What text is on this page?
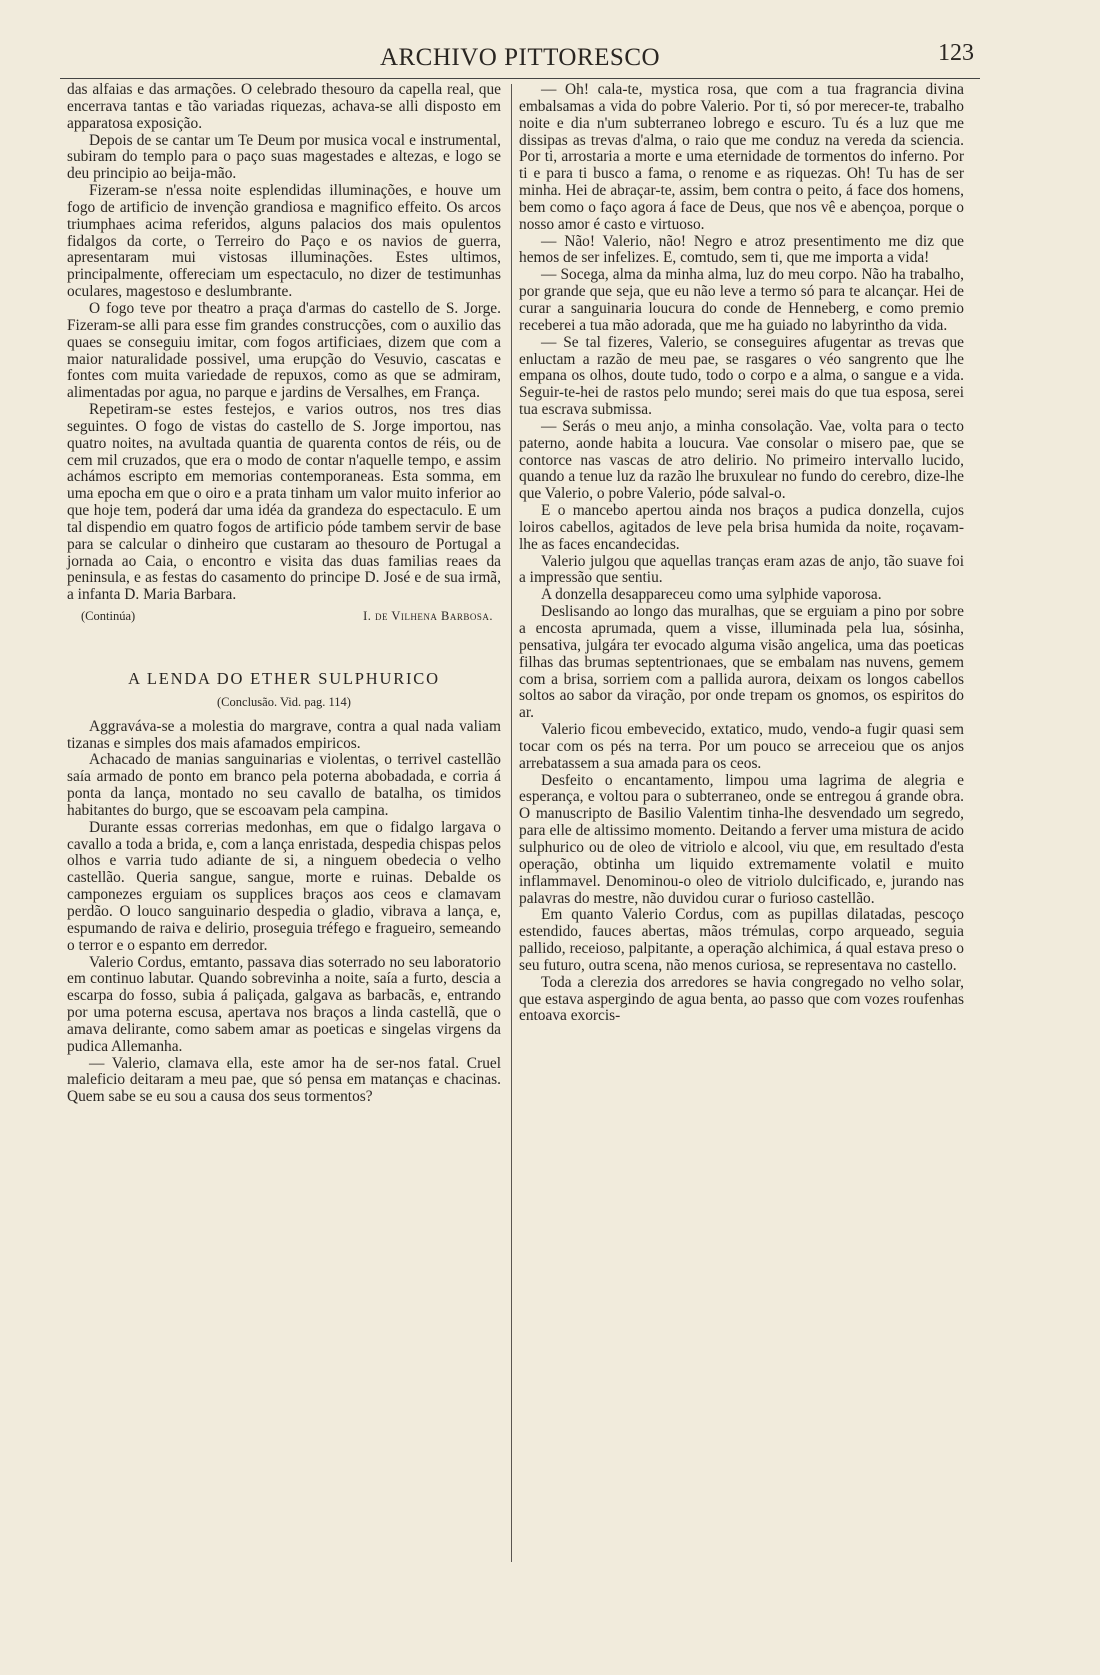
ARCHIVO PITTORESCO	123

das alfaias e das armações. O celebrado thesouro da capella real, que encerrava tantas e tão variadas riquezas, achava-se alli disposto em apparatosa exposição.

Depois de se cantar um Te Deum por musica vocal e instrumental, subiram do templo para o paço suas magestades e altezas, e logo se deu principio ao beija-mão.

Fizeram-se n'essa noite esplendidas illuminações, e houve um fogo de artificio de invenção grandiosa e magnifico effeito. Os arcos triumphaes acima referidos, alguns palacios dos mais opulentos fidalgos da corte, o Terreiro do Paço e os navios de guerra, apresentaram mui vistosas illuminações. Estes ultimos, principalmente, offereciam um espectaculo, no dizer de testimunhas oculares, magestoso e deslumbrante.

O fogo teve por theatro a praça d'armas do castello de S. Jorge. Fizeram-se alli para esse fim grandes construcções, com o auxilio das quaes se conseguiu imitar, com fogos artificiaes, dizem que com a maior naturalidade possivel, uma erupção do Vesuvio, cascatas e fontes com muita variedade de repuxos, como as que se admiram, alimentadas por agua, no parque e jardins de Versalhes, em França.

Repetiram-se estes festejos, e varios outros, nos tres dias seguintes. O fogo de vistas do castello de S. Jorge importou, nas quatro noites, na avultada quantia de quarenta contos de réis, ou de cem mil cruzados, que era o modo de contar n'aquelle tempo, e assim achámos escripto em memorias contemporaneas. Esta somma, em uma epocha em que o oiro e a prata tinham um valor muito inferior ao que hoje tem, poderá dar uma idéa da grandeza do espectaculo. E um tal dispendio em quatro fogos de artificio póde tambem servir de base para se calcular o dinheiro que custaram ao thesouro de Portugal a jornada ao Caia, o encontro e visita das duas familias reaes da peninsula, e as festas do casamento do principe D. José e de sua irmã, a infanta D. Maria Barbara.

(Continúa)	I. de Vilhena Barbosa.
A LENDA DO ETHER SULPHURICO
(Conclusão. Vid. pag. 114)

Aggraváva-se a molestia do margrave, contra a qual nada valiam tizanas e simples dos mais afamados empiricos.

Achacado de manias sanguinarias e violentas, o terrivel castellão saía armado de ponto em branco pela poterna abobadada, e corria á ponta da lança, montado no seu cavallo de batalha, os timidos habitantes do burgo, que se escoavam pela campina.

Durante essas correrias medonhas, em que o fidalgo largava o cavallo a toda a brida, e, com a lança enristada, despedia chispas pelos olhos e varria tudo adiante de si, a ninguem obedecia o velho castellão. Queria sangue, sangue, morte e ruinas. Debalde os camponezes erguiam os supplices braços aos ceos e clamavam perdão. O louco sanguinario despedia o gladio, vibrava a lança, e, espumando de raiva e delirio, proseguia tréfego e fragueiro, semeando o terror e o espanto em derredor.

Valerio Cordus, emtanto, passava dias soterrado no seu laboratorio em continuo labutar. Quando sobrevinha a noite, saía a furto, descia a escarpa do fosso, subia á paliçada, galgava as barbacãs, e, entrando por uma poterna escusa, apertava nos braços a linda castellã, que o amava delirante, como sabem amar as poeticas e singelas virgens da pudica Allemanha.

— Valerio, clamava ella, este amor ha de ser-nos fatal. Cruel maleficio deitaram a meu pae, que só pensa em matanças e chacinas. Quem sabe se eu sou a causa dos seus tormentos?

— Oh! cala-te, mystica rosa, que com a tua fragrancia divina embalsamas a vida do pobre Valerio. Por ti, só por merecer-te, trabalho noite e dia n'um subterraneo lobrego e escuro. Tu és a luz que me dissipas as trevas d'alma, o raio que me conduz na vereda da sciencia. Por ti, arrostaria a morte e uma eternidade de tormentos do inferno. Por ti e para ti busco a fama, o renome e as riquezas. Oh! Tu has de ser minha. Hei de abraçar-te, assim, bem contra o peito, á face dos homens, bem como o faço agora á face de Deus, que nos vê e abençoa, porque o nosso amor é casto e virtuoso.

— Não! Valerio, não! Negro e atroz presentimento me diz que hemos de ser infelizes. E, comtudo, sem ti, que me importa a vida!

— Socega, alma da minha alma, luz do meu corpo. Não ha trabalho, por grande que seja, que eu não leve a termo só para te alcançar. Hei de curar a sanguinaria loucura do conde de Henneberg, e como premio receberei a tua mão adorada, que me ha guiado no labyrintho da vida.

— Se tal fizeres, Valerio, se conseguires afugentar as trevas que enluctam a razão de meu pae, se rasgares o véo sangrento que lhe empana os olhos, doute tudo, todo o corpo e a alma, o sangue e a vida. Seguir-te-hei de rastos pelo mundo; serei mais do que tua esposa, serei tua escrava submissa.

— Serás o meu anjo, a minha consolação. Vae, volta para o tecto paterno, aonde habita a loucura. Vae consolar o misero pae, que se contorce nas vascas de atro delirio. No primeiro intervallo lucido, quando a tenue luz da razão lhe bruxulear no fundo do cerebro, dize-lhe que Valerio, o pobre Valerio, póde salval-o.

E o mancebo apertou ainda nos braços a pudica donzella, cujos loiros cabellos, agitados de leve pela brisa humida da noite, roçavam-lhe as faces encandecidas.

Valerio julgou que aquellas tranças eram azas de anjo, tão suave foi a impressão que sentiu.

A donzella desappareceu como uma sylphide vaporosa.

Deslisando ao longo das muralhas, que se erguiam a pino por sobre a encosta aprumada, quem a visse, illuminada pela lua, sósinha, pensativa, julgára ter evocado alguma visão angelica, uma das poeticas filhas das brumas septentrionaes, que se embalam nas nuvens, gemem com a brisa, sorriem com a pallida aurora, deixam os longos cabellos soltos ao sabor da viração, por onde trepam os gnomos, os espiritos do ar.

Valerio ficou embevecido, extatico, mudo, vendo-a fugir quasi sem tocar com os pés na terra. Por um pouco se arreceiou que os anjos arrebatassem a sua amada para os ceos.

Desfeito o encantamento, limpou uma lagrima de alegria e esperança, e voltou para o subterraneo, onde se entregou á grande obra. O manuscripto de Basilio Valentim tinha-lhe desvendado um segredo, para elle de altissimo momento. Deitando a ferver uma mistura de acido sulphurico ou de oleo de vitriolo e alcool, viu que, em resultado d'esta operação, obtinha um liquido extremamente volatil e muito inflammavel. Denominou-o oleo de vitriolo dulcificado, e, jurando nas palavras do mestre, não duvidou curar o furioso castellão.

Em quanto Valerio Cordus, com as pupillas dilatadas, pescoço estendido, fauces abertas, mãos trémulas, corpo arqueado, seguia pallido, receioso, palpitante, a operação alchimica, á qual estava preso o seu futuro, outra scena, não menos curiosa, se representava no castello.

Toda a clerezia dos arredores se havia congregado no velho solar, que estava aspergindo de agua benta, ao passo que com vozes roufenhas entoava exorcis-
